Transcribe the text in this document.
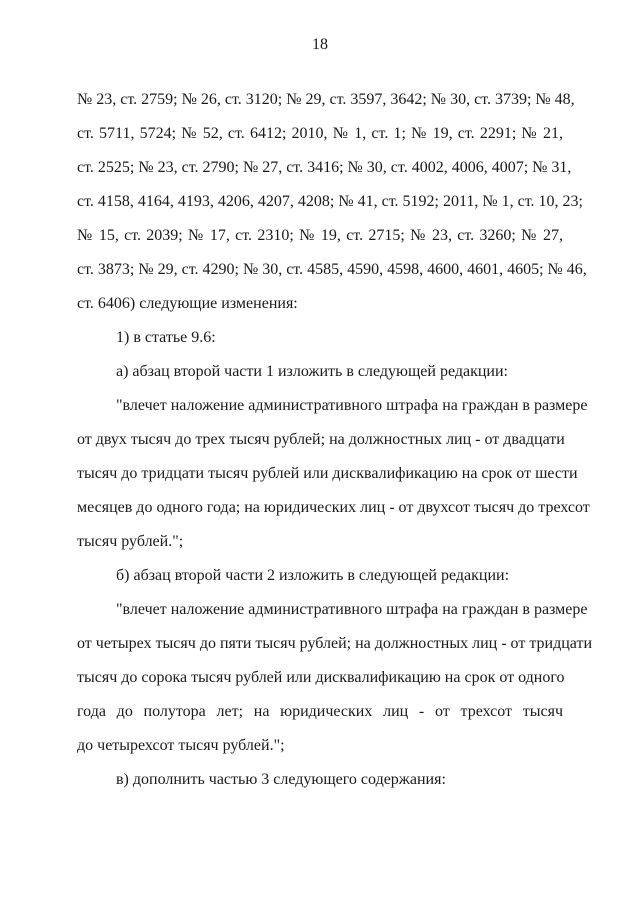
18
№ 23, ст. 2759; № 26, ст. 3120; № 29, ст. 3597, 3642; № 30, ст. 3739; № 48,
ст. 5711, 5724; № 52, ст. 6412; 2010, № 1, ст. 1; № 19, ст. 2291; № 21,
ст. 2525; № 23, ст. 2790; № 27, ст. 3416; № 30, ст. 4002, 4006, 4007; № 31,
ст. 4158, 4164, 4193, 4206, 4207, 4208; № 41, ст. 5192; 2011, № 1, ст. 10, 23;
№ 15, ст. 2039; № 17, ст. 2310; № 19, ст. 2715; № 23, ст. 3260; № 27,
ст. 3873; № 29, ст. 4290; № 30, ст. 4585, 4590, 4598, 4600, 4601, 4605; № 46,
ст. 6406) следующие изменения:
1) в статье 9.6:
а) абзац второй части 1 изложить в следующей редакции:
"влечет наложение административного штрафа на граждан в размере
от двух тысяч до трех тысяч рублей; на должностных лиц - от двадцати
тысяч до тридцати тысяч рублей или дисквалификацию на срок от шести
месяцев до одного года; на юридических лиц - от двухсот тысяч до трехсот
тысяч рублей.";
б) абзац второй части 2 изложить в следующей редакции:
"влечет наложение административного штрафа на граждан в размере
от четырех тысяч до пяти тысяч рублей; на должностных лиц - от тридцати
тысяч до сорока тысяч рублей или дисквалификацию на срок от одного
года до полутора лет; на юридических лиц - от трехсот тысяч
до четырехсот тысяч рублей.";
в) дополнить частью 3 следующего содержания:
